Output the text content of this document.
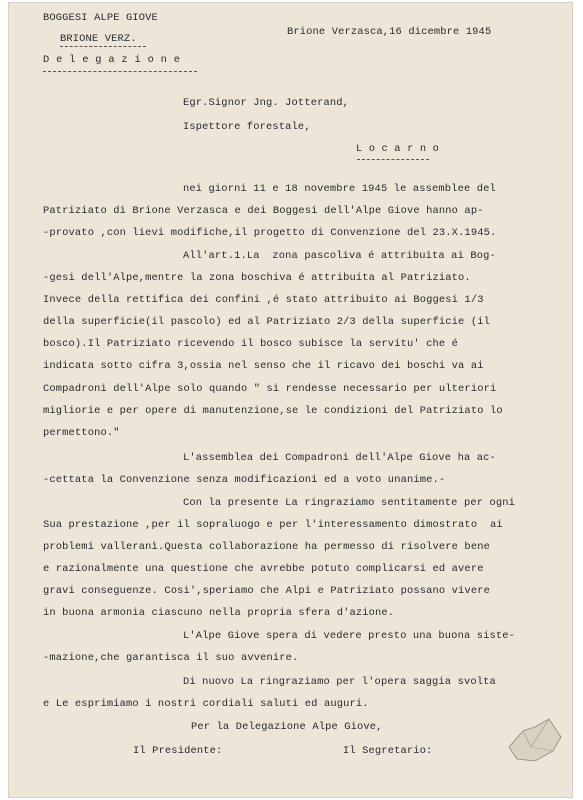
BOGGESI ALPE GIOVE
BRIONE VERZ.
D e l e g a z i o n e
Brione Verzasca,16 dicembre 1945
Egr.Signor Jng. Jotterand,
Ispettore forestale,
L o c a r n o
nei giorni 11 e 18 novembre 1945 le assemblee del
Patriziato di Brione Verzasca e dei Boggesi dell'Alpe Giove hanno ap-
-provato ,con lievi modifiche,il progetto di Convenzione del 23.X.1945.
All'art.1.La  zona pascoliva é attribuita ai Bog-
-gesi dell'Alpe,mentre la zona boschiva é attribuita al Patriziato.
Invece della rettifica dei confini ,é stato attribuito ai Boggesi 1/3
della superficie(il pascolo) ed al Patriziato 2/3 della superficie (il
bosco).Il Patriziato ricevendo il bosco subisce la servitu' che é
indicata sotto cifra 3,ossia nel senso che il ricavo dei boschi va ai
Compadroni dell'Alpe solo quando " si rendesse necessario per ulteriori
migliorie e per opere di manutenzione,se le condizioni del Patriziato lo
permettono."
L'assemblea dei Compadroni dell'Alpe Giove ha ac-
-cettata la Convenzione senza modificazioni ed a voto unanime.-
Con la presente La ringraziamo sentitamente per ogni
Sua prestazione ,per il sopraluogo e per l'interessamento dimostrato  ai
problemi valleranì.Questa collaborazione ha permesso di risolvere bene
e razionalmente una questione che avrebbe potuto complicarsi ed avere
gravi conseguenze. Cosi',speriamo che Alpi e Patriziato possano vivere
in buona armonia ciascuno nella propria sfera d'azione.
L'Alpe Giove spera di vedere presto una buona siste-
-mazione,che garantisca il suo avvenire.
Di nuovo La ringraziamo per l'opera saggia svolta
e Le esprimiamo i nostri cordiali saluti ed auguri.
Per la Delegazione Alpe Giove,
Il Presidente:	Il Segretario:
